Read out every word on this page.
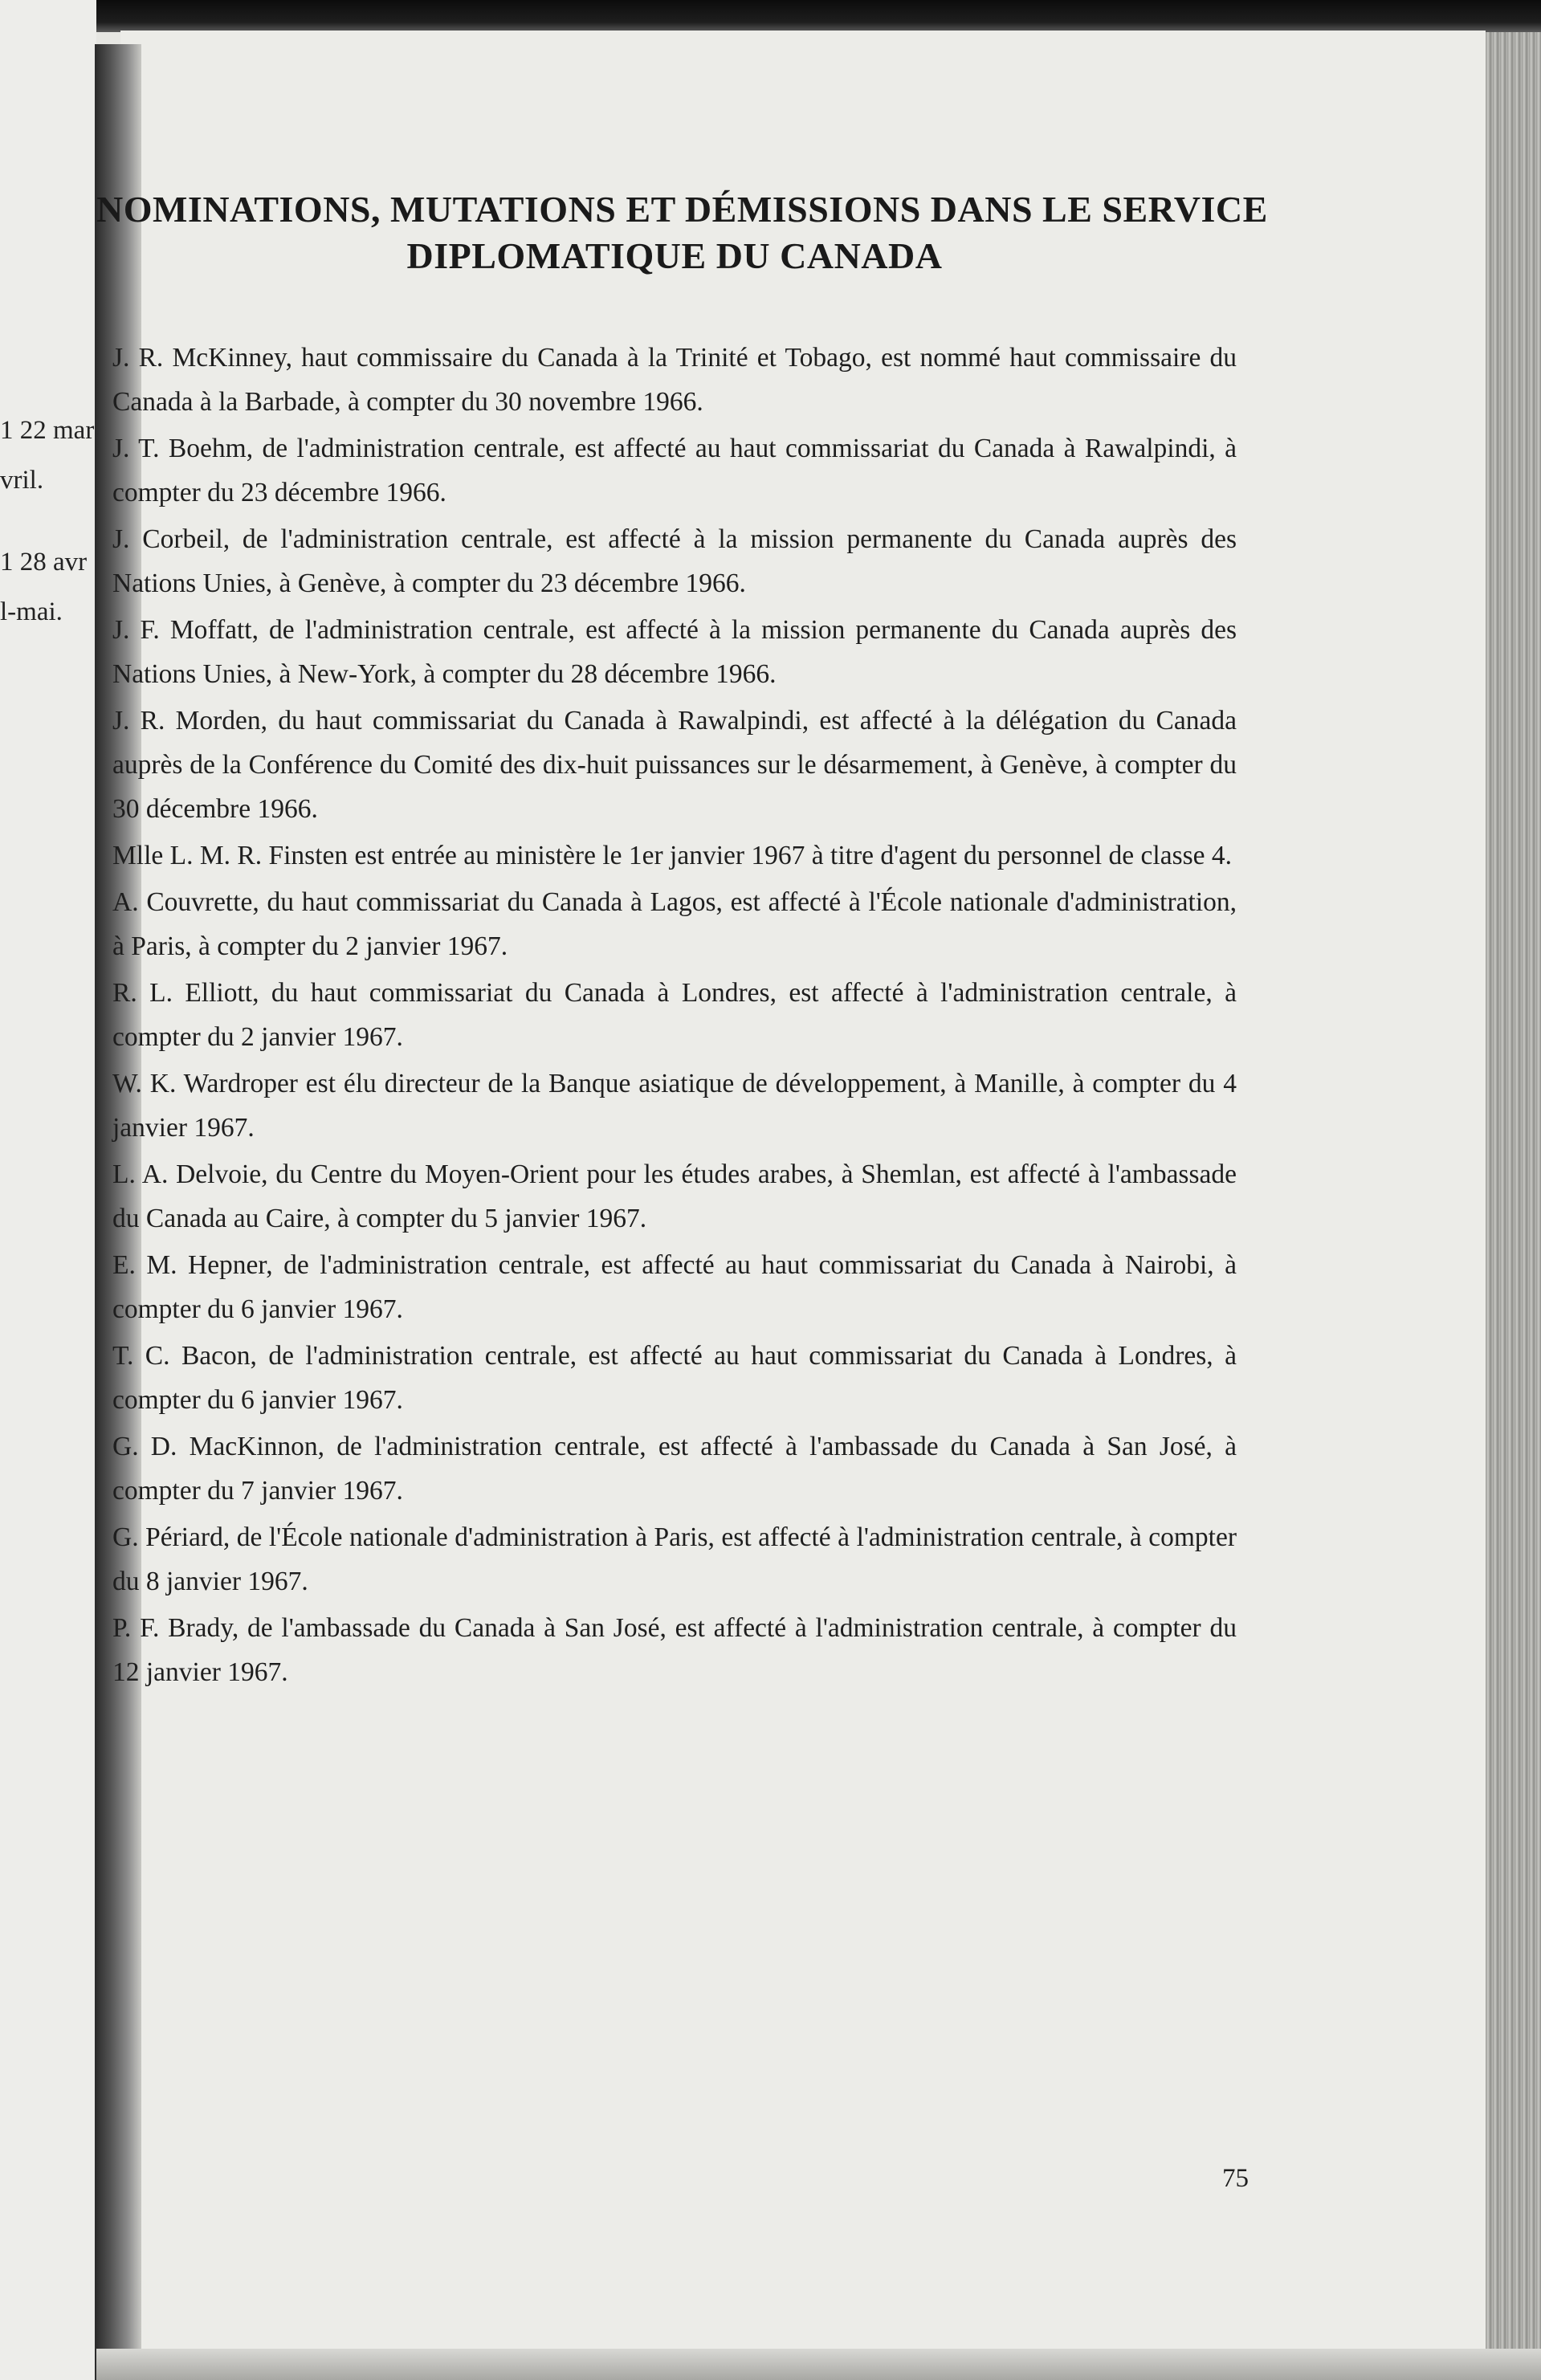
1 22 mar
vril.
1 28 avr
l-mai.
NOMINATIONS, MUTATIONS ET DÉMISSIONS DANS LE SERVICE
DIPLOMATIQUE DU CANADA

J. R. McKinney, haut commissaire du Canada à la Trinité et Tobago, est nommé haut commissaire du Canada à la Barbade, à compter du 30 novembre 1966.

J. T. Boehm, de l'administration centrale, est affecté au haut commissariat du Canada à Rawalpindi, à compter du 23 décembre 1966.

J. Corbeil, de l'administration centrale, est affecté à la mission permanente du Canada auprès des Nations Unies, à Genève, à compter du 23 décembre 1966.

J. F. Moffatt, de l'administration centrale, est affecté à la mission permanente du Canada auprès des Nations Unies, à New-York, à compter du 28 décembre 1966.

J. R. Morden, du haut commissariat du Canada à Rawalpindi, est affecté à la délégation du Canada auprès de la Conférence du Comité des dix-huit puissances sur le désarmement, à Genève, à compter du 30 décembre 1966.

Mlle L. M. R. Finsten est entrée au ministère le 1er janvier 1967 à titre d'agent du personnel de classe 4.

A. Couvrette, du haut commissariat du Canada à Lagos, est affecté à l'École nationale d'administration, à Paris, à compter du 2 janvier 1967.

R. L. Elliott, du haut commissariat du Canada à Londres, est affecté à l'administration centrale, à compter du 2 janvier 1967.

W. K. Wardroper est élu directeur de la Banque asiatique de développement, à Manille, à compter du 4 janvier 1967.

L. A. Delvoie, du Centre du Moyen-Orient pour les études arabes, à Shemlan, est affecté à l'ambassade du Canada au Caire, à compter du 5 janvier 1967.

E. M. Hepner, de l'administration centrale, est affecté au haut commissariat du Canada à Nairobi, à compter du 6 janvier 1967.

T. C. Bacon, de l'administration centrale, est affecté au haut commissariat du Canada à Londres, à compter du 6 janvier 1967.

G. D. MacKinnon, de l'administration centrale, est affecté à l'ambassade du Canada à San José, à compter du 7 janvier 1967.

G. Périard, de l'École nationale d'administration à Paris, est affecté à l'administration centrale, à compter du 8 janvier 1967.

P. F. Brady, de l'ambassade du Canada à San José, est affecté à l'administration centrale, à compter du 12 janvier 1967.

75
